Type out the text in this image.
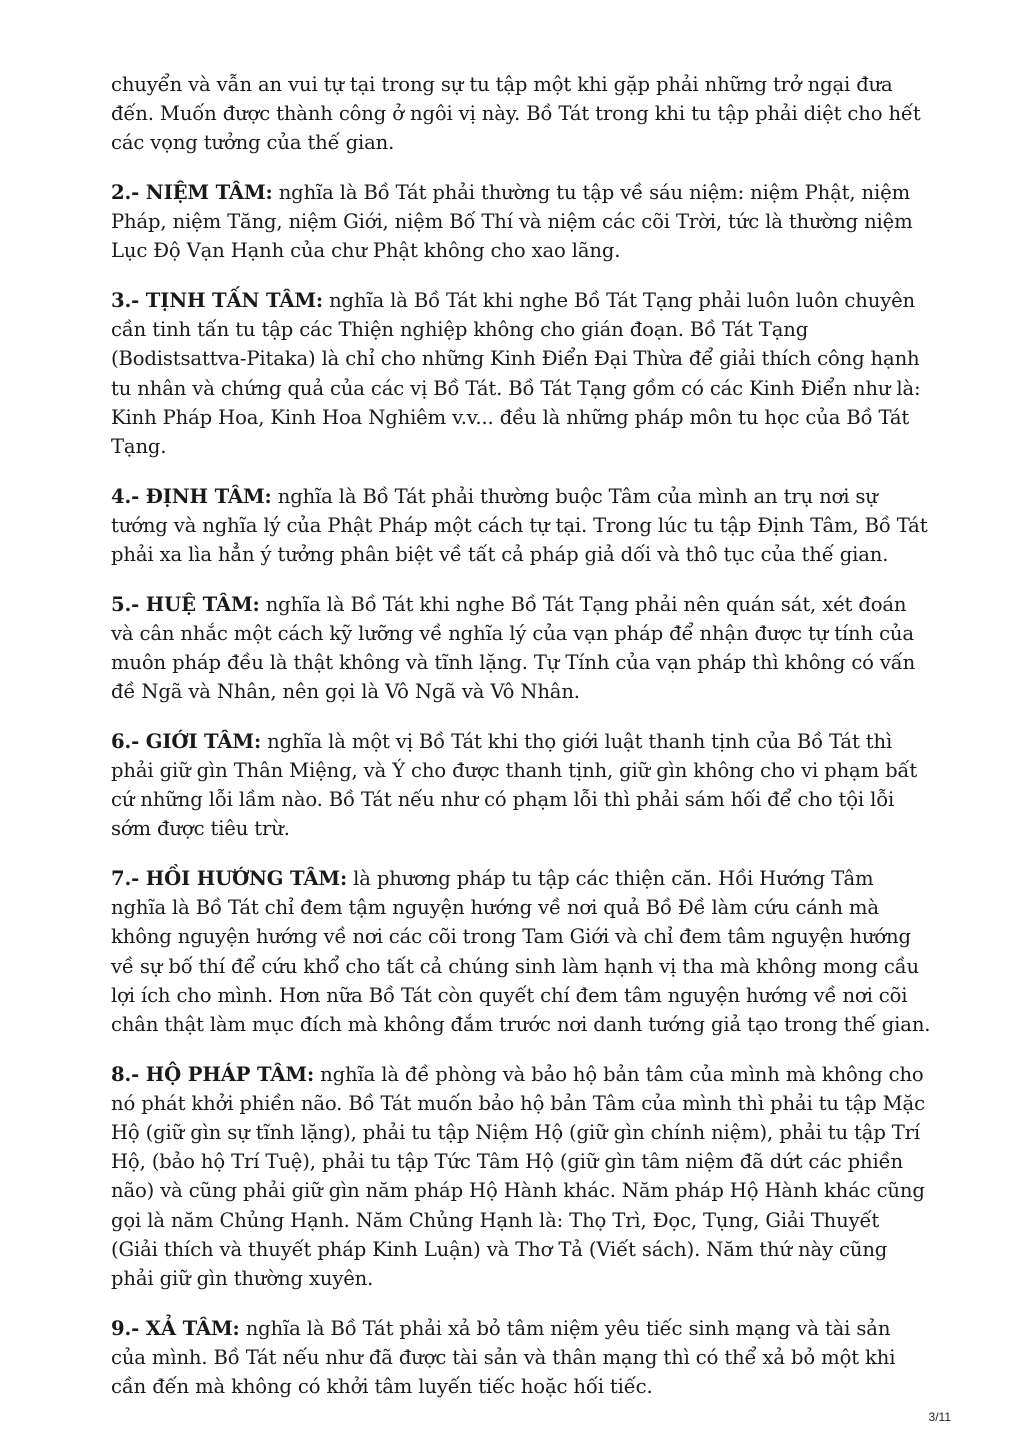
chuyển và vẫn an vui tự tại trong sự tu tập một khi gặp phải những trở ngại đưa đến. Muốn được thành công ở ngôi vị này. Bồ Tát trong khi tu tập phải diệt cho hết các vọng tưởng của thế gian.

2.- NIỆM TÂM: nghĩa là Bồ Tát phải thường tu tập về sáu niệm: niệm Phật, niệm Pháp, niệm Tăng, niệm Giới, niệm Bố Thí và niệm các cõi Trời, tức là thường niệm Lục Độ Vạn Hạnh của chư Phật không cho xao lãng.

3.- TỊNH TẤN TÂM: nghĩa là Bồ Tát khi nghe Bồ Tát Tạng phải luôn luôn chuyên cần tinh tấn tu tập các Thiện nghiệp không cho gián đoạn. Bồ Tát Tạng (Bodistsattva-Pitaka) là chỉ cho những Kinh Điển Đại Thừa để giải thích công hạnh tu nhân và chứng quả của các vị Bồ Tát. Bồ Tát Tạng gồm có các Kinh Điển như là: Kinh Pháp Hoa, Kinh Hoa Nghiêm v.v... đều là những pháp môn tu học của Bồ Tát Tạng.

4.- ĐỊNH TÂM: nghĩa là Bồ Tát phải thường buộc Tâm của mình an trụ nơi sự tướng và nghĩa lý của Phật Pháp một cách tự tại. Trong lúc tu tập Định Tâm, Bồ Tát phải xa lìa hẳn ý tưởng phân biệt về tất cả pháp giả dối và thô tục của thế gian.

5.- HUỆ TÂM: nghĩa là Bồ Tát khi nghe Bồ Tát Tạng phải nên quán sát, xét đoán và cân nhắc một cách kỹ lưỡng về nghĩa lý của vạn pháp để nhận được tự tính của muôn pháp đều là thật không và tĩnh lặng. Tự Tính của vạn pháp thì không có vấn đề Ngã và Nhân, nên gọi là Vô Ngã và Vô Nhân.

6.- GIỚI TÂM: nghĩa là một vị Bồ Tát khi thọ giới luật thanh tịnh của Bồ Tát thì phải giữ gìn Thân Miệng, và Ý cho được thanh tịnh, giữ gìn không cho vi phạm bất cứ những lỗi lầm nào. Bồ Tát nếu như có phạm lỗi thì phải sám hối để cho tội lỗi sớm được tiêu trừ.

7.- HỒI HƯỚNG TÂM: là phương pháp tu tập các thiện căn. Hồi Hướng Tâm nghĩa là Bồ Tát chỉ đem tậm nguyện hướng về nơi quả Bồ Đề làm cứu cánh mà không nguyện hướng về nơi các cõi trong Tam Giới và chỉ đem tâm nguyện hướng về sự bố thí để cứu khổ cho tất cả chúng sinh làm hạnh vị tha mà không mong cầu lợi ích cho mình. Hơn nữa Bồ Tát còn quyết chí đem tâm nguyện hướng về nơi cõi chân thật làm mục đích mà không đắm trước nơi danh tướng giả tạo trong thế gian.

8.- HỘ PHÁP TÂM: nghĩa là đề phòng và bảo hộ bản tâm của mình mà không cho nó phát khởi phiền não. Bồ Tát muốn bảo hộ bản Tâm của mình thì phải tu tập Mặc Hộ (giữ gìn sự tĩnh lặng), phải tu tập Niệm Hộ (giữ gìn chính niệm), phải tu tập Trí Hộ, (bảo hộ Trí Tuệ), phải tu tập Tức Tâm Hộ (giữ gìn tâm niệm đã dứt các phiền não) và cũng phải giữ gìn năm pháp Hộ Hành khác. Năm pháp Hộ Hành khác cũng gọi là năm Chủng Hạnh. Năm Chủng Hạnh là: Thọ Trì, Đọc, Tụng, Giải Thuyết (Giải thích và thuyết pháp Kinh Luận) và Thơ Tả (Viết sách). Năm thứ này cũng phải giữ gìn thường xuyên.

9.- XẢ TÂM: nghĩa là Bồ Tát phải xả bỏ tâm niệm yêu tiếc sinh mạng và tài sản của mình. Bồ Tát nếu như đã được tài sản và thân mạng thì có thể xả bỏ một khi cần đến mà không có khởi tâm luyến tiếc hoặc hối tiếc.

3/11
